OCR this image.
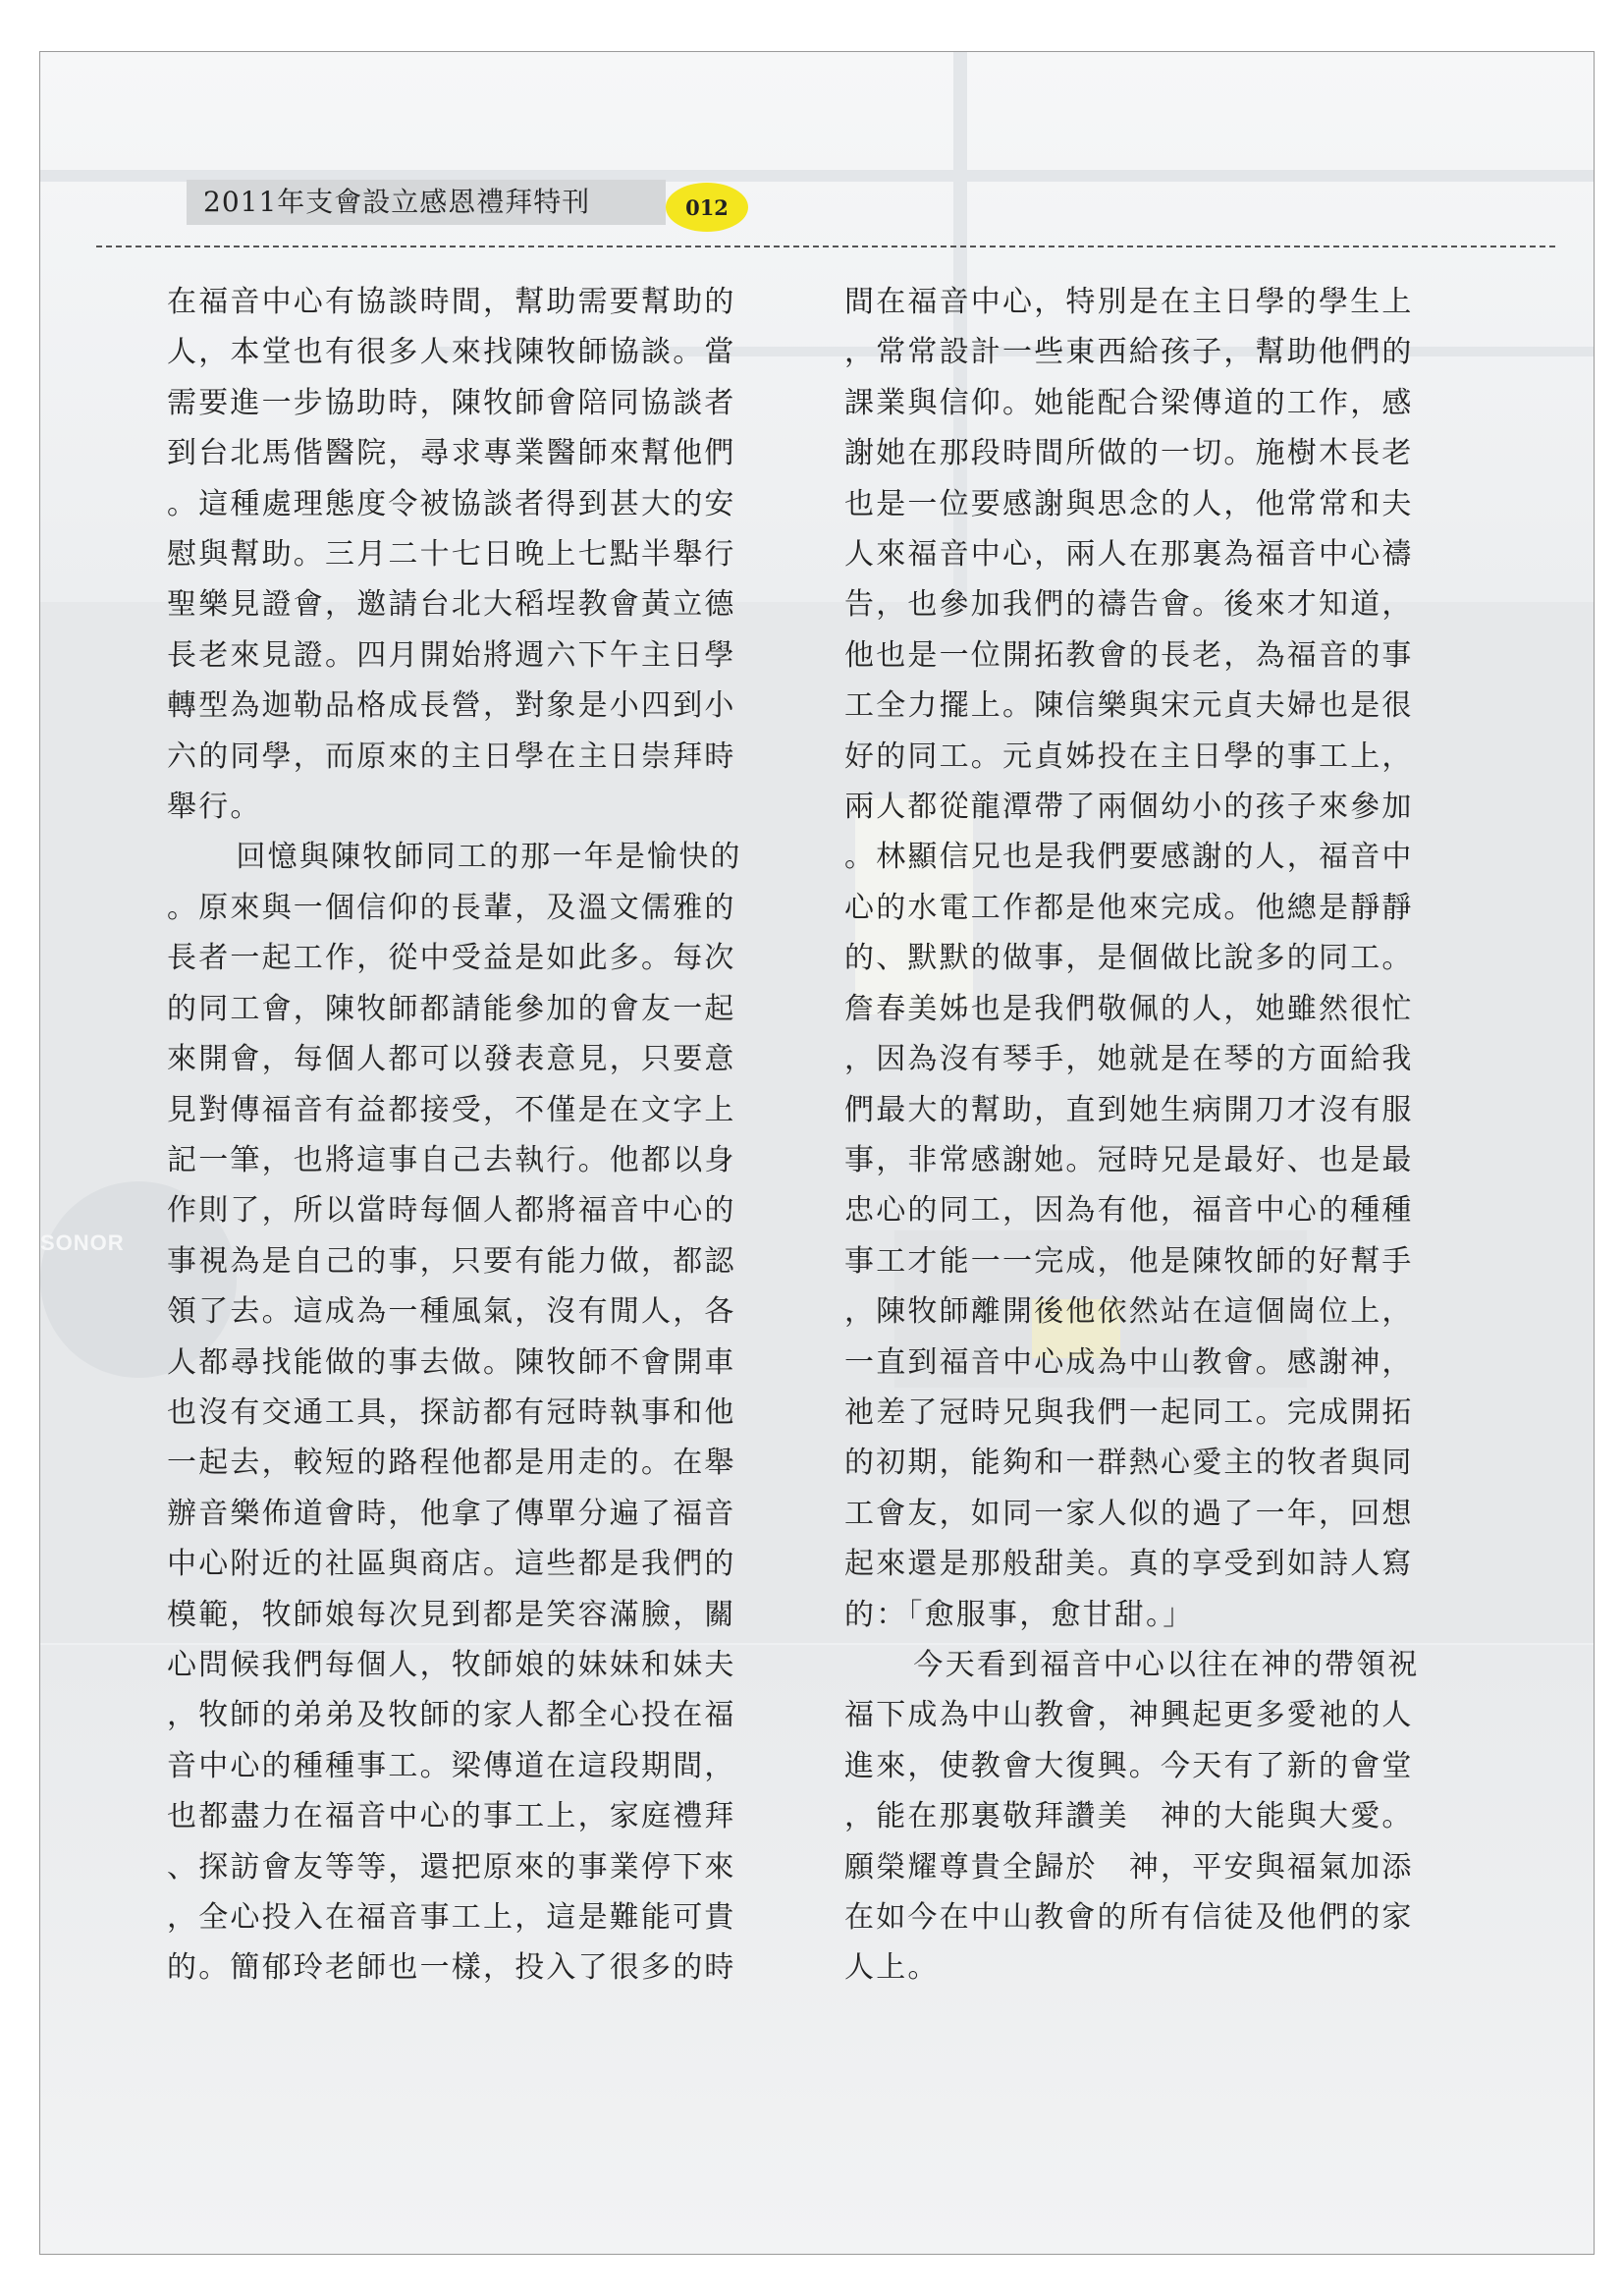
SONOR
2011年支會設立感恩禮拜特刊	012
在福音中心有協談時間，幫助需要幫助的
人，本堂也有很多人來找陳牧師協談。當
需要進一步協助時，陳牧師會陪同協談者
到台北馬偕醫院，尋求專業醫師來幫他們
。這種處理態度令被協談者得到甚大的安
慰與幫助。三月二十七日晚上七點半舉行
聖樂見證會，邀請台北大稻埕教會黃立德
長老來見證。四月開始將週六下午主日學
轉型為迦勒品格成長營，對象是小四到小
六的同學，而原來的主日學在主日崇拜時
舉行。
回憶與陳牧師同工的那一年是愉快的
。原來與一個信仰的長輩，及溫文儒雅的
長者一起工作，從中受益是如此多。每次
的同工會，陳牧師都請能參加的會友一起
來開會，每個人都可以發表意見，只要意
見對傳福音有益都接受，不僅是在文字上
記一筆，也將這事自己去執行。他都以身
作則了，所以當時每個人都將福音中心的
事視為是自己的事，只要有能力做，都認
領了去。這成為一種風氣，沒有閒人，各
人都尋找能做的事去做。陳牧師不會開車
也沒有交通工具，探訪都有冠時執事和他
一起去，較短的路程他都是用走的。在舉
辦音樂佈道會時，他拿了傳單分遍了福音
中心附近的社區與商店。這些都是我們的
模範，牧師娘每次見到都是笑容滿臉，關
心問候我們每個人，牧師娘的妹妹和妹夫
，牧師的弟弟及牧師的家人都全心投在福
音中心的種種事工。梁傳道在這段期間，
也都盡力在福音中心的事工上，家庭禮拜
、探訪會友等等，還把原來的事業停下來
，全心投入在福音事工上，這是難能可貴
的。簡郁玲老師也一樣，投入了很多的時
間在福音中心，特別是在主日學的學生上
，常常設計一些東西給孩子，幫助他們的
課業與信仰。她能配合梁傳道的工作，感
謝她在那段時間所做的一切。施樹木長老
也是一位要感謝與思念的人，他常常和夫
人來福音中心，兩人在那裏為福音中心禱
告，也參加我們的禱告會。後來才知道，
他也是一位開拓教會的長老，為福音的事
工全力擺上。陳信樂與宋元貞夫婦也是很
好的同工。元貞姊投在主日學的事工上，
兩人都從龍潭帶了兩個幼小的孩子來參加
。林顯信兄也是我們要感謝的人，福音中
心的水電工作都是他來完成。他總是靜靜
的、默默的做事，是個做比說多的同工。
詹春美姊也是我們敬佩的人，她雖然很忙
，因為沒有琴手，她就是在琴的方面給我
們最大的幫助，直到她生病開刀才沒有服
事，非常感謝她。冠時兄是最好、也是最
忠心的同工，因為有他，福音中心的種種
事工才能一一完成，他是陳牧師的好幫手
，陳牧師離開後他依然站在這個崗位上，
一直到福音中心成為中山教會。感謝神，
祂差了冠時兄與我們一起同工。完成開拓
的初期，能夠和一群熱心愛主的牧者與同
工會友，如同一家人似的過了一年，回想
起來還是那般甜美。真的享受到如詩人寫
的：「愈服事，愈甘甜。」
今天看到福音中心以往在神的帶領祝
福下成為中山教會，神興起更多愛祂的人
進來，使教會大復興。今天有了新的會堂
，能在那裏敬拜讚美　神的大能與大愛。
願榮耀尊貴全歸於　神，平安與福氣加添
在如今在中山教會的所有信徒及他們的家
人上。
